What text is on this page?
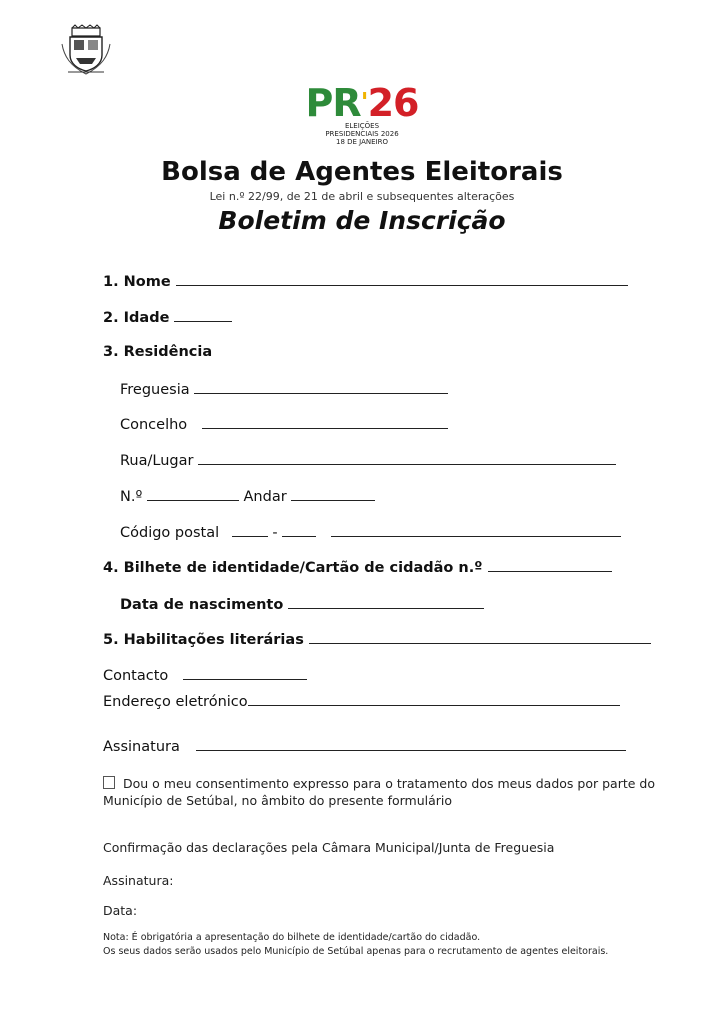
PR'26
ELEIÇÕES
PRESIDENCIAIS 2026
18 DE JANEIRO
Bolsa de Agentes Eleitorais
Lei n.º 22/99, de 21 de abril e subsequentes alterações
Boletim de Inscrição
1. Nome
2. Idade
3. Residência
Freguesia
Concelho
Rua/Lugar
N.º	Andar
Código postal	-
4. Bilhete de identidade/Cartão de cidadão n.º
Data de nascimento
5. Habilitações literárias
Contacto
Endereço eletrónico
Assinatura
Dou o meu consentimento expresso para o tratamento dos meus dados por parte do Município de Setúbal, no âmbito do presente formulário
Confirmação das declarações pela Câmara Municipal/Junta de Freguesia
Assinatura:
Data:
Nota: É obrigatória a apresentação do bilhete de identidade/cartão do cidadão.
Os seus dados serão usados pelo Município de Setúbal apenas para o recrutamento de agentes eleitorais.
